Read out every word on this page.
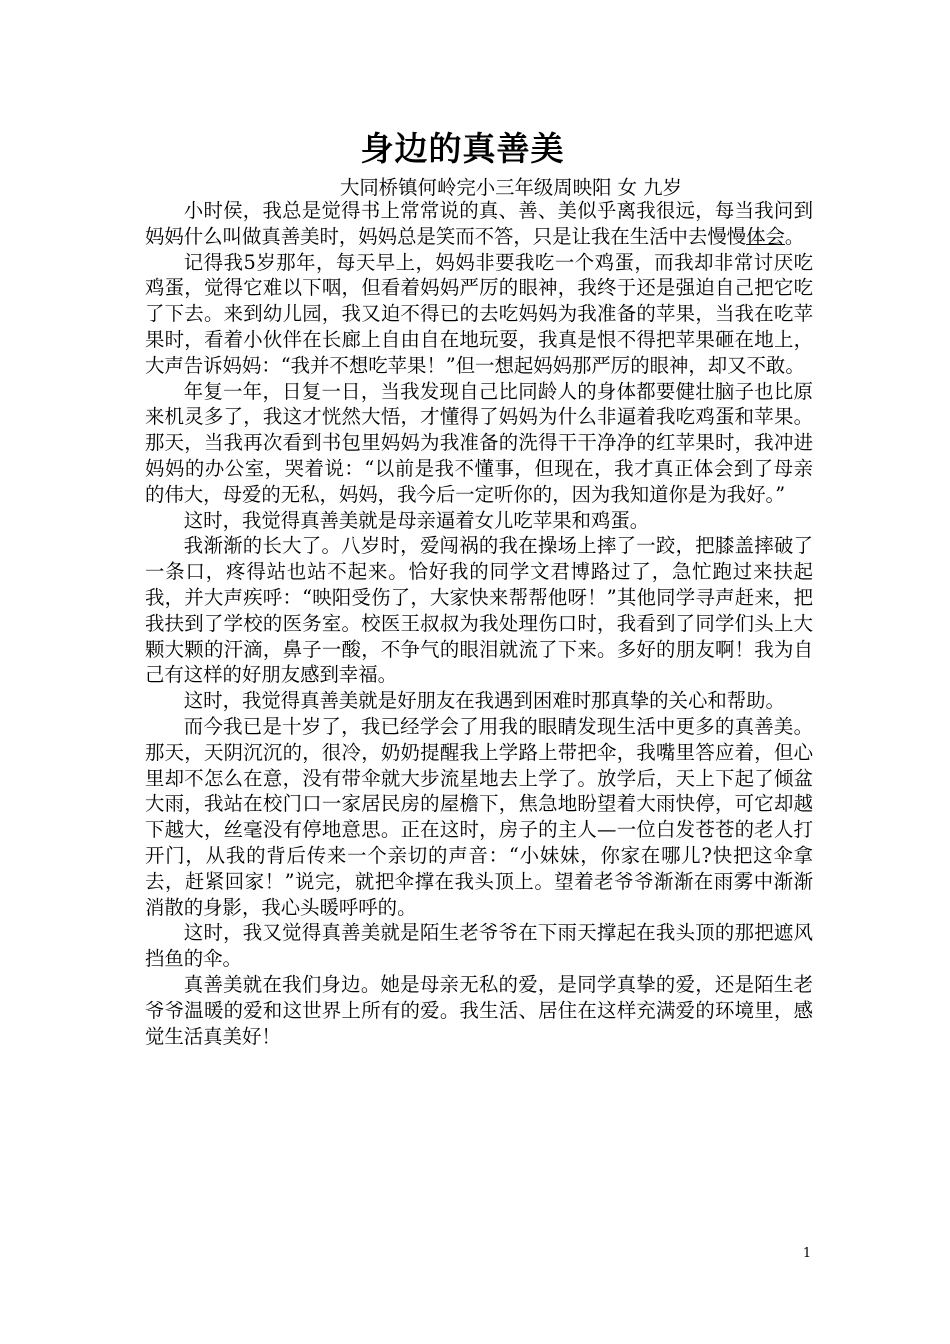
身边的真善美
大同桥镇何岭完小三年级周映阳 女 九岁

小时侯，我总是觉得书上常常说的真、善、美似乎离我很远，每当我问到妈妈什么叫做真善美时，妈妈总是笑而不答，只是让我在生活中去慢慢体会。

记得我5岁那年，每天早上，妈妈非要我吃一个鸡蛋，而我却非常讨厌吃鸡蛋，觉得它难以下咽，但看着妈妈严厉的眼神，我终于还是强迫自己把它吃了下去。来到幼儿园，我又迫不得已的去吃妈妈为我准备的苹果，当我在吃苹果时，看着小伙伴在长廊上自由自在地玩耍，我真是恨不得把苹果砸在地上，大声告诉妈妈：“我并不想吃苹果！”但一想起妈妈那严厉的眼神，却又不敢。

年复一年，日复一日，当我发现自己比同龄人的身体都要健壮脑子也比原来机灵多了，我这才恍然大悟，才懂得了妈妈为什么非逼着我吃鸡蛋和苹果。那天，当我再次看到书包里妈妈为我准备的洗得干干净净的红苹果时，我冲进妈妈的办公室，哭着说：“以前是我不懂事，但现在，我才真正体会到了母亲的伟大，母爱的无私，妈妈，我今后一定听你的，因为我知道你是为我好。”

这时，我觉得真善美就是母亲逼着女儿吃苹果和鸡蛋。

我渐渐的长大了。八岁时，爱闯祸的我在操场上摔了一跤，把膝盖摔破了一条口，疼得站也站不起来。恰好我的同学文君博路过了，急忙跑过来扶起我，并大声疾呼：“映阳受伤了，大家快来帮帮他呀！”其他同学寻声赶来，把我扶到了学校的医务室。校医王叔叔为我处理伤口时，我看到了同学们头上大颗大颗的汗滴，鼻子一酸，不争气的眼泪就流了下来。多好的朋友啊！我为自己有这样的好朋友感到幸福。

这时，我觉得真善美就是好朋友在我遇到困难时那真挚的关心和帮助。

而今我已是十岁了，我已经学会了用我的眼睛发现生活中更多的真善美。那天，天阴沉沉的，很冷，奶奶提醒我上学路上带把伞，我嘴里答应着，但心里却不怎么在意，没有带伞就大步流星地去上学了。放学后，天上下起了倾盆大雨，我站在校门口一家居民房的屋檐下，焦急地盼望着大雨快停，可它却越下越大，丝毫没有停地意思。正在这时，房子的主人—一位白发苍苍的老人打开门，从我的背后传来一个亲切的声音：“小妹妹，你家在哪儿?快把这伞拿去，赶紧回家！”说完，就把伞撑在我头顶上。望着老爷爷渐渐在雨雾中渐渐消散的身影，我心头暖呼呼的。

这时，我又觉得真善美就是陌生老爷爷在下雨天撑起在我头顶的那把遮风挡鱼的伞。

真善美就在我们身边。她是母亲无私的爱，是同学真挚的爱，还是陌生老爷爷温暖的爱和这世界上所有的爱。我生活、居住在这样充满爱的环境里，感觉生活真美好！

1
